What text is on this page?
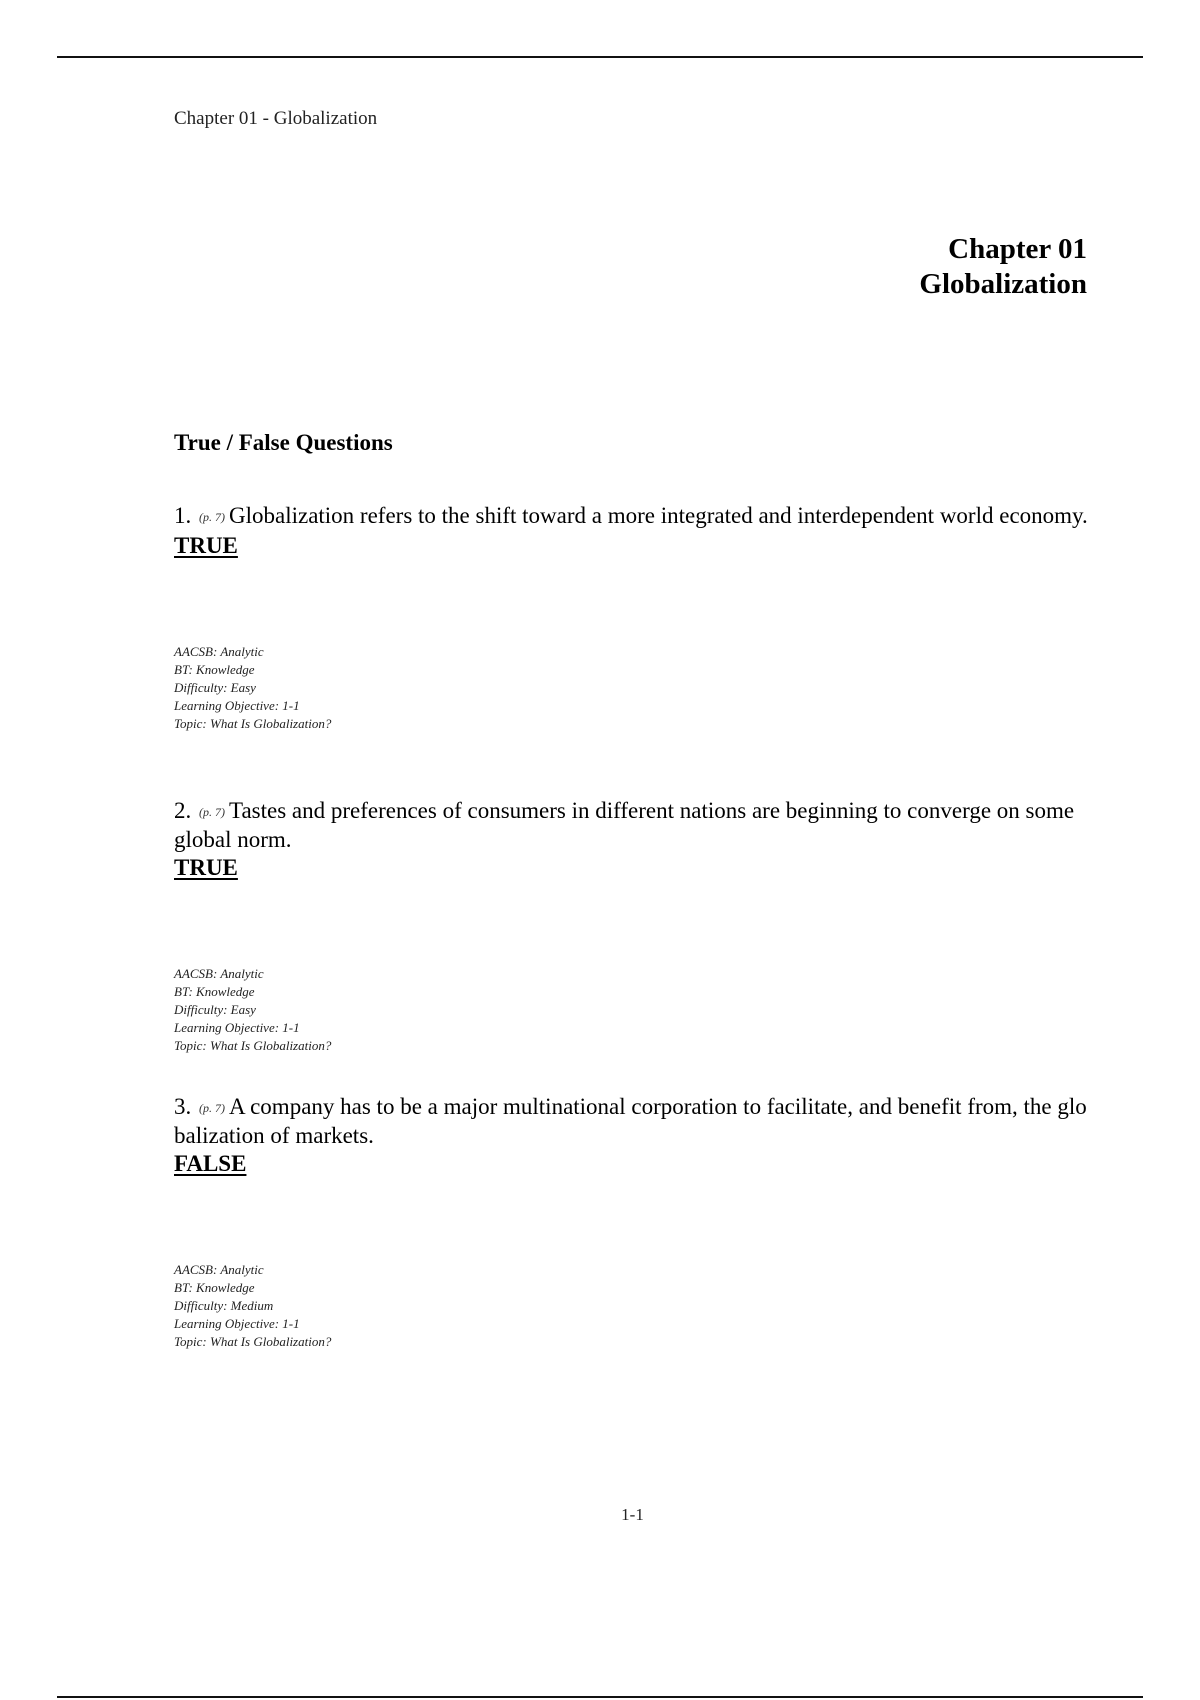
Chapter 01 - Globalization
Chapter 01
Globalization
True / False Questions
1. (p. 7) Globalization refers to the shift toward a more integrated and interdependent world economy.
TRUE
AACSB: Analytic
BT: Knowledge
Difficulty: Easy
Learning Objective: 1-1
Topic: What Is Globalization?
2. (p. 7) Tastes and preferences of consumers in different nations are beginning to converge on some global norm.
TRUE
AACSB: Analytic
BT: Knowledge
Difficulty: Easy
Learning Objective: 1-1
Topic: What Is Globalization?
3. (p. 7) A company has to be a major multinational corporation to facilitate, and benefit from, the globalization of markets.
FALSE
AACSB: Analytic
BT: Knowledge
Difficulty: Medium
Learning Objective: 1-1
Topic: What Is Globalization?
1-1
